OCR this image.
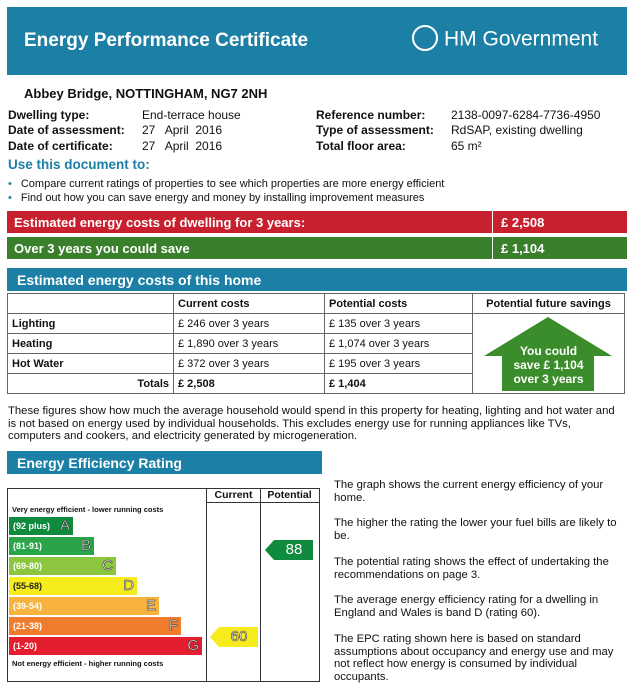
Energy Performance Certificate	HM Government
Abbey Bridge, NOTTINGHAM, NG7 2NH
Dwelling type:	End-terrace house
Date of assessment: 27   April  2016
Date of certificate: 27   April  2016
Reference number: 2138-0097-6284-7736-4950
Type of assessment: RdSAP, existing dwelling
Total floor area:	65 m²
Use this document to:
• Compare current ratings of properties to see which properties are more energy efficient
• Find out how you can save energy and money by installing improvement measures
Estimated energy costs of dwelling for 3 years:	£ 2,508
Over 3 years you could save	£ 1,104
Estimated energy costs of this home
	Current costs	Potential costs	Potential future savings
Lighting	£ 246 over 3 years	£ 135 over 3 years	You could
save £ 1,104
over 3 years

Heating	£ 1,890 over 3 years	£ 1,074 over 3 years	
Hot Water	£ 372 over 3 years	£ 195 over 3 years	
Totals	£ 2,508	£ 1,404	
These figures show how much the average household would spend in this property for heating, lighting and hot water and is not based on energy used by individual households. This excludes energy use for running appliances like TVs, computers and cookers, and electricity generated by microgeneration.
Energy Efficiency Rating
Current	Potential
Very energy efficient - lower running costs
Not energy efficient - higher running costs
(92 plus) A
(81-91)	B
(69-80)	C
(55-68)	D
(39-54)	E
(21-38)	F
(1-20)	G
60
88
The graph shows the current energy efficiency of your home.
The higher the rating the lower your fuel bills are likely to be.
The potential rating shows the effect of undertaking the recommendations on page 3.
The average energy efficiency rating for a dwelling in England and Wales is band D (rating 60).
The EPC rating shown here is based on standard assumptions about occupancy and energy use and may not reflect how energy is consumed by individual occupants.
